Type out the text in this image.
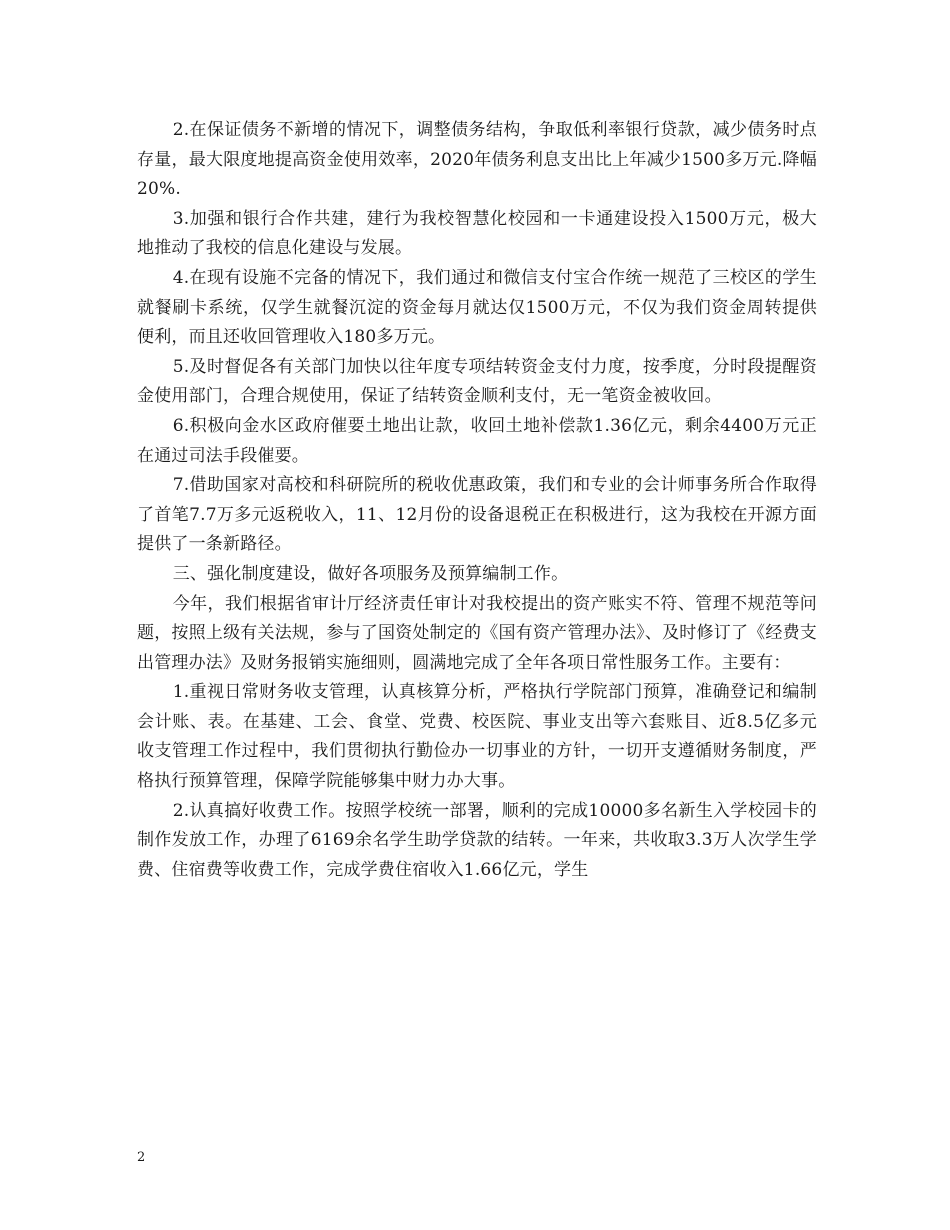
2.在保证债务不新增的情况下，调整债务结构，争取低利率银行贷款，减少债务时点存量，最大限度地提高资金使用效率，2020年债务利息支出比上年减少1500多万元.降幅20%.

3.加强和银行合作共建，建行为我校智慧化校园和一卡通建设投入1500万元，极大地推动了我校的信息化建设与发展。

4.在现有设施不完备的情况下，我们通过和微信支付宝合作统一规范了三校区的学生就餐刷卡系统，仅学生就餐沉淀的资金每月就达仅1500万元，不仅为我们资金周转提供便利，而且还收回管理收入180多万元。

5.及时督促各有关部门加快以往年度专项结转资金支付力度，按季度，分时段提醒资金使用部门，合理合规使用，保证了结转资金顺利支付，无一笔资金被收回。

6.积极向金水区政府催要土地出让款，收回土地补偿款1.36亿元，剩余4400万元正在通过司法手段催要。

7.借助国家对高校和科研院所的税收优惠政策，我们和专业的会计师事务所合作取得了首笔7.7万多元返税收入，11、12月份的设备退税正在积极进行，这为我校在开源方面提供了一条新路径。

三、强化制度建设，做好各项服务及预算编制工作。

今年，我们根据省审计厅经济责任审计对我校提出的资产账实不符、管理不规范等问题，按照上级有关法规，参与了国资处制定的《国有资产管理办法》、及时修订了《经费支出管理办法》及财务报销实施细则，圆满地完成了全年各项日常性服务工作。主要有：

1.重视日常财务收支管理，认真核算分析，严格执行学院部门预算，准确登记和编制会计账、表。在基建、工会、食堂、党费、校医院、事业支出等六套账目、近8.5亿多元收支管理工作过程中，我们贯彻执行勤俭办一切事业的方针，一切开支遵循财务制度，严格执行预算管理，保障学院能够集中财力办大事。

2.认真搞好收费工作。按照学校统一部署，顺利的完成10000多名新生入学校园卡的制作发放工作，办理了6169余名学生助学贷款的结转。一年来，共收取3.3万人次学生学费、住宿费等收费工作，完成学费住宿收入1.66亿元，学生

2
